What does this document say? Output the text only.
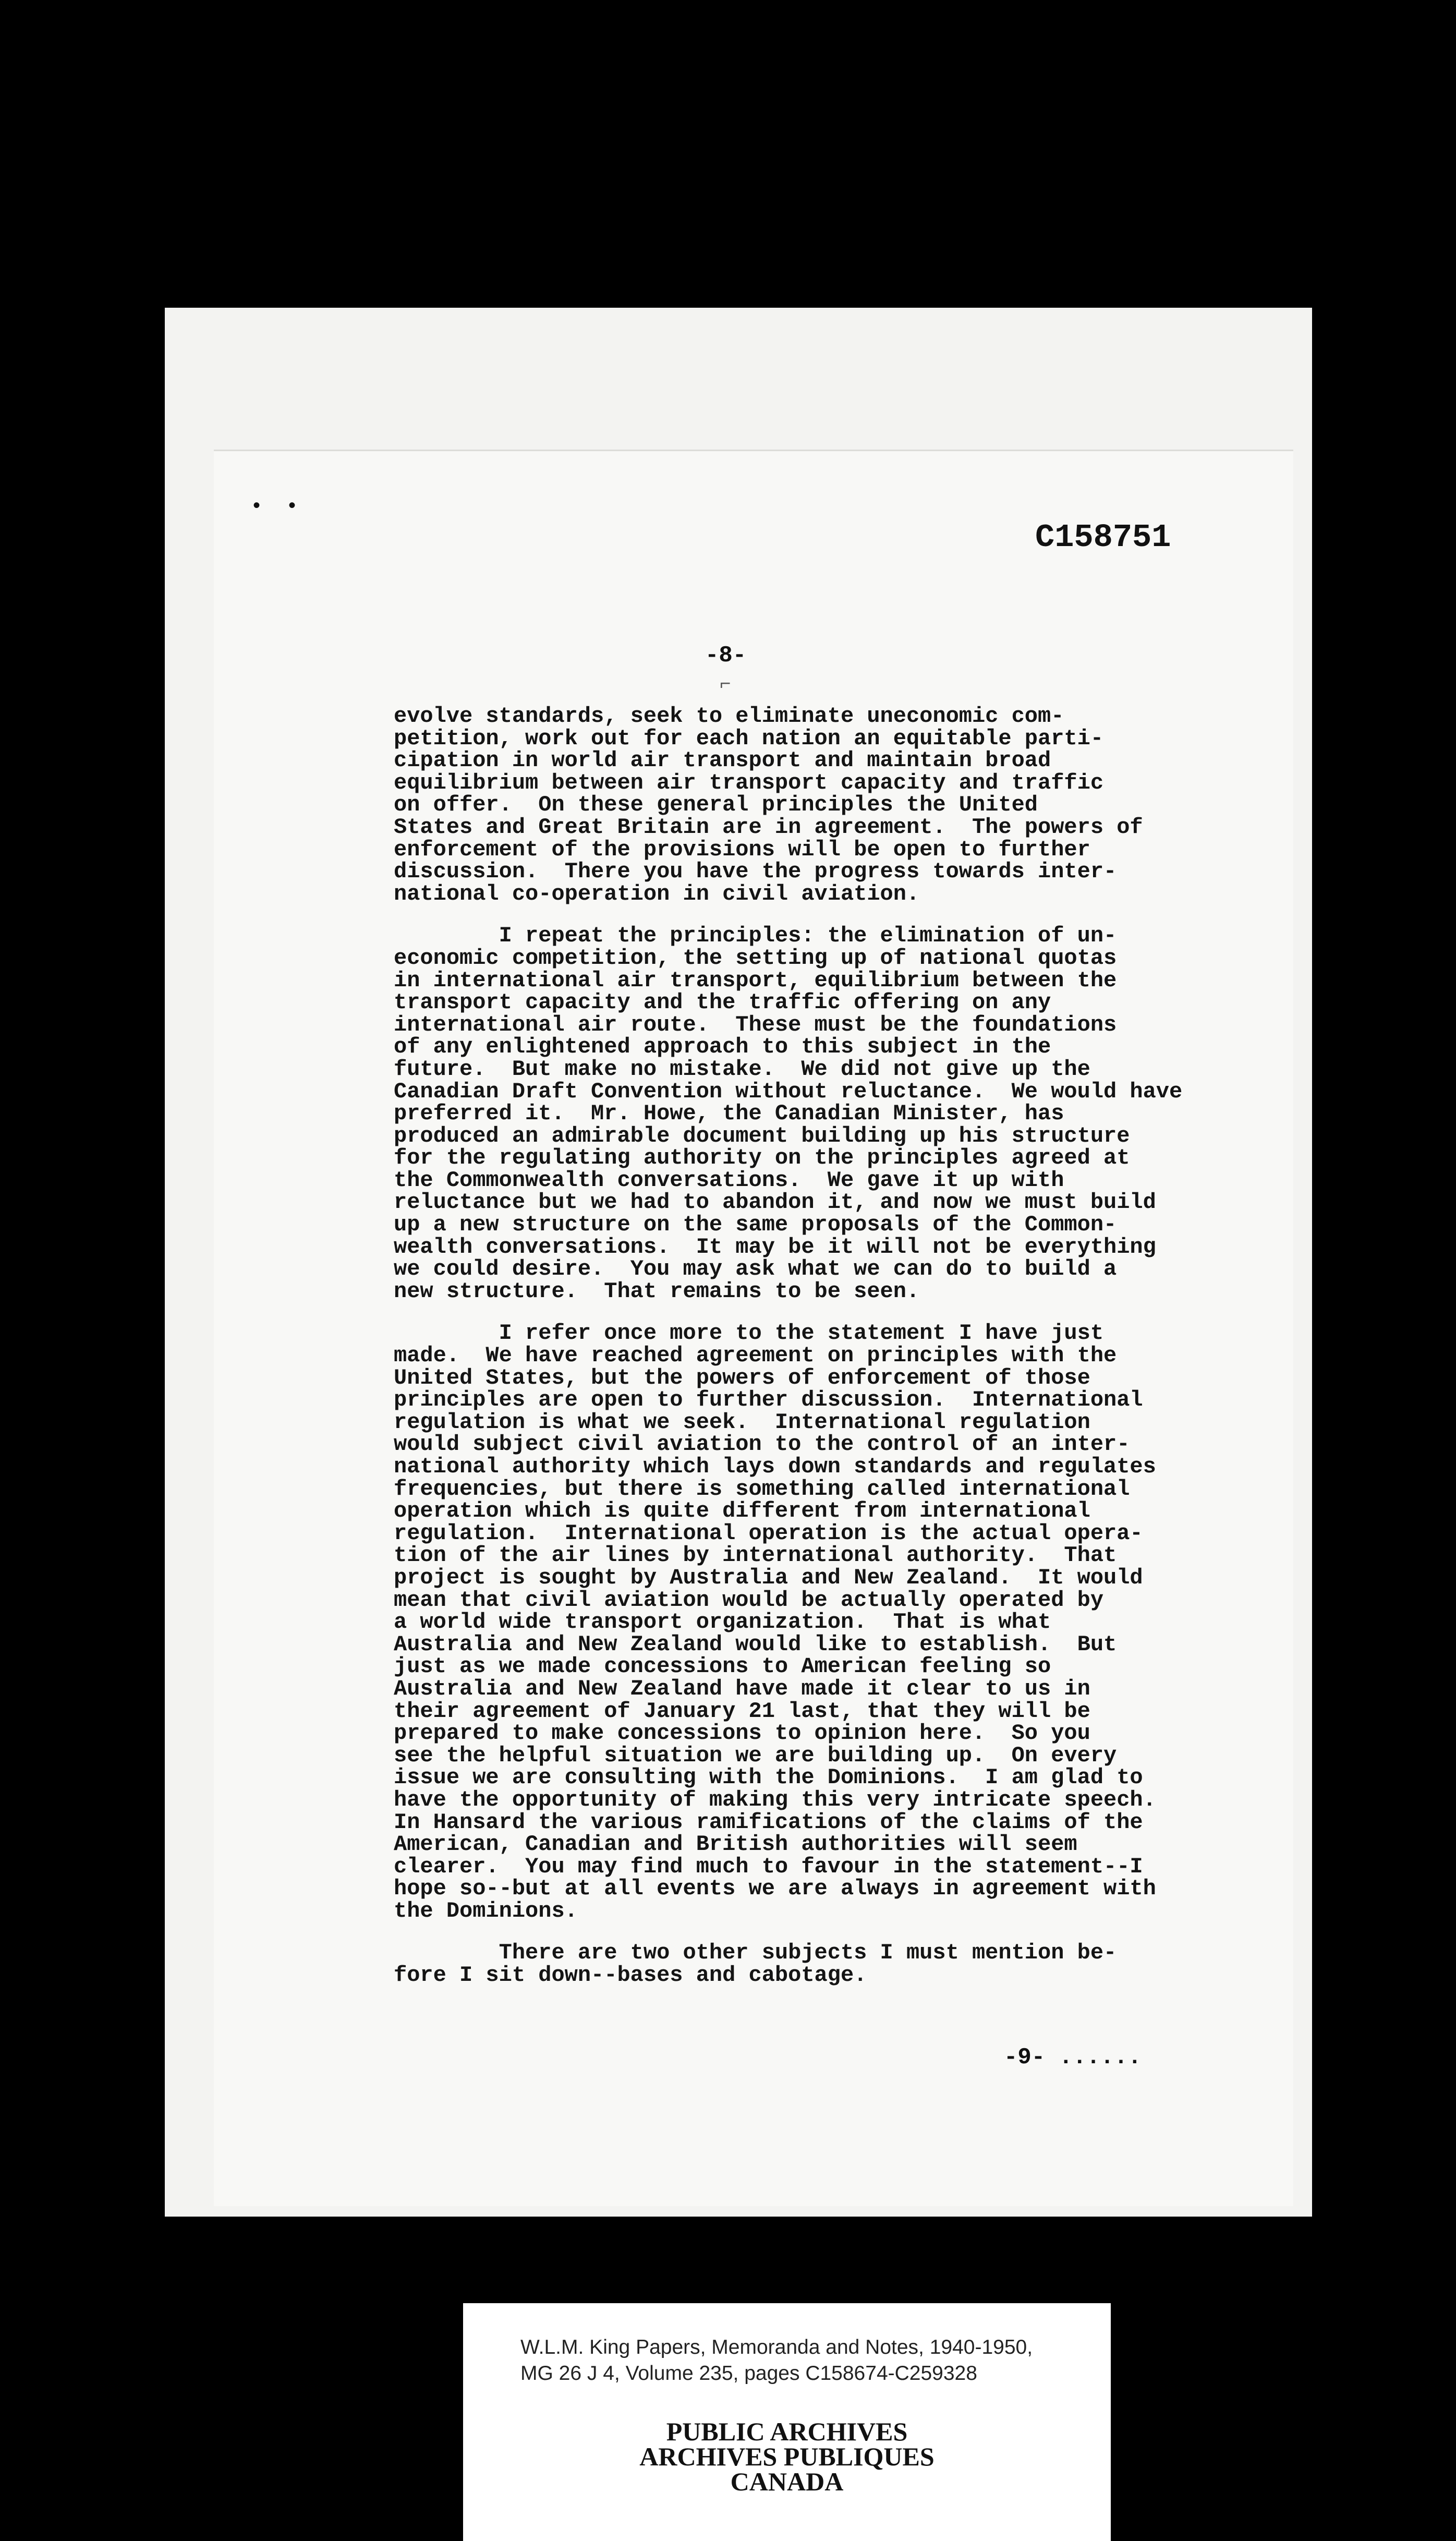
• •
C158751
-8-
⌐
evolve standards, seek to eliminate uneconomic com-
petition, work out for each nation an equitable parti-
cipation in world air transport and maintain broad
equilibrium between air transport capacity and traffic
on offer.  On these general principles the United
States and Great Britain are in agreement.  The powers of
enforcement of the provisions will be open to further
discussion.  There you have the progress towards inter-
national co-operation in civil aviation.
I repeat the principles: the elimination of un-
economic competition, the setting up of national quotas
in international air transport, equilibrium between the
transport capacity and the traffic offering on any
international air route.  These must be the foundations
of any enlightened approach to this subject in the
future.  But make no mistake.  We did not give up the
Canadian Draft Convention without reluctance.  We would have
preferred it.  Mr. Howe, the Canadian Minister, has
produced an admirable document building up his structure
for the regulating authority on the principles agreed at
the Commonwealth conversations.  We gave it up with
reluctance but we had to abandon it, and now we must build
up a new structure on the same proposals of the Common-
wealth conversations.  It may be it will not be everything
we could desire.  You may ask what we can do to build a
new structure.  That remains to be seen.
I refer once more to the statement I have just
made.  We have reached agreement on principles with the
United States, but the powers of enforcement of those
principles are open to further discussion.  International
regulation is what we seek.  International regulation
would subject civil aviation to the control of an inter-
national authority which lays down standards and regulates
frequencies, but there is something called international
operation which is quite different from international
regulation.  International operation is the actual opera-
tion of the air lines by international authority.  That
project is sought by Australia and New Zealand.  It would
mean that civil aviation would be actually operated by
a world wide transport organization.  That is what
Australia and New Zealand would like to establish.  But
just as we made concessions to American feeling so
Australia and New Zealand have made it clear to us in
their agreement of January 21 last, that they will be
prepared to make concessions to opinion here.  So you
see the helpful situation we are building up.  On every
issue we are consulting with the Dominions.  I am glad to
have the opportunity of making this very intricate speech.
In Hansard the various ramifications of the claims of the
American, Canadian and British authorities will seem
clearer.  You may find much to favour in the statement--I
hope so--but at all events we are always in agreement with
the Dominions.
There are two other subjects I must mention be-
fore I sit down--bases and cabotage.
-9- ......
W.L.M. King Papers, Memoranda and Notes, 1940-1950,
MG 26 J 4, Volume 235, pages C158674-C259328
PUBLIC ARCHIVES
ARCHIVES PUBLIQUES
CANADA
